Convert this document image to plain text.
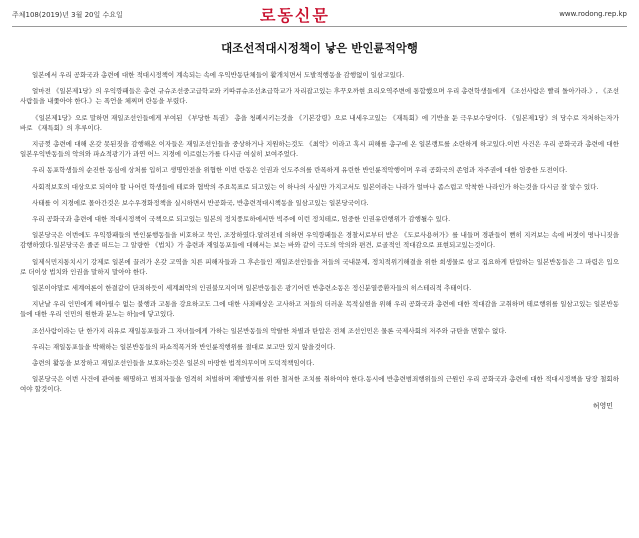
주체108(2019)년 3월 20일 수요일	로동신문	www.rodong.rep.kp
대조선적대시정책이 낳은 반인륜적악행

일본에서 우리 공화국과 총련에 대한 적대시정책이 계속되는 속에 우익반동단체들이 활개치면서 도발적행동을 감행없이 일삼고있다.

얼마전 《일본제1당》의 우익깡패들은 총련 규슈조선중고급학교와 키따큐슈조선초급학교가 자리잡고있는 후꾸오까현 요리오역주변에 통합했으며 우리 총련학생들에게 《조선사람은 빨리 돌아가라.》, 《조선사람들을 내쫓아야 한다.》는 폭언을 체찌며 란동을 부렸다.

《일본제1당》으로 말하면 재일조선인들에게 부여된 《부당한 특권》 총을 청폐시키는것을 《기본강령》으로 내세우고있는 《재특회》에 기반을 둔 극우보수당이다. 《일본제1당》의 당수로 자처하는자가 바로 《재특회》의 후루이다.

지금껏 총련에 대해 온갖 못된짓을 감행해온 이자들은 재일조선인들을 중상하거나 지원하는것도 《최악》이라고 혹시 피해를 총구에 온 일본랭트를 소란하게 하고있다.이번 사건은 우리 공화국과 총련에 대한 일본우익반동들의 악의와 파쇼적광기가 과연 어느 지경에 이르렀는가를 다시금 여실히 보여주었다.

우리 동포학생들의 순진한 동심에 상처를 입히고 생명안전을 위협한 이번 란동은 인권과 인도주의를 란폭하게 유린한 반인륜적악행이며 우리 공화국의 존엄과 자주권에 대한 엄중한 도전이다.

사회적보호의 대상으로 되여야 할 나어린 학생들에 테로와 협박의 주요목표로 되고있는 이 하나의 사실만 가지고서도 일본이라는 나라가 얼마나 좀스럽고 악착한 나라인가 하는것을 다시금 잘 알수 있다.

사태를 이 지경에로 몰아간것은 보수우경화정책을 실시하면서 반공화국, 반총련적대시책동을 일삼고있는 일본당국이다.

우리 공화국과 총련에 대한 적대시정책이 국책으로 되고있는 일본의 정치풍토하에서만 빅주에 이런 정치테로, 엄중한 인권유린행위가 감행될수 있다.

일본당국은 이번에도 우익깡패들의 반인륜행동들을 비호하고 묵인, 조장하였다.알려진데 의하면 우익깡패들은 경찰서로부터 받은 《도로사용허가》를 내들며 경관들이 뻔히 지켜보는 속에 버젓이 떵나니짓을 감행하였다.일본당국은 줄곧 떠드는 그 알량한 《법치》가 총련과 재일동포들에 대해서는 보는 바와 같이 극도의 악의와 편견, 로골적인 적대감으로 표현되고있는것이다.

일제식민지통치시기 강제로 일본에 끌려가 온갖 고역을 치른 피해자들과 그 후손들인 재일조선인들을 저들의 국내문제, 정치적위기해결을 위한 희생물로 삼고 집요하게 탄압하는 일본반동들은 그 파렴은 입으로 더이상 법치와 인권을 말하지 말아야 한다.

일본이야말로 세계여론이 한결같이 단죄하듯이 세계최악의 인권불모지이며 일본반동들은 광기어린 반총련소동은 정신분열증환자들의 히스테리적 추태이다.

지난날 우리 인민에게 헤아릴수 없는 불행과 고통을 강요하고도 그에 대한 사죄배상은 고사하고 저들의 더러운 목적실현을 위해 우리 공화국과 총련에 대한 적대감을 고취하며 테로행위를 일삼고있는 일본반동들에 대한 우리 인민의 원한과 분노는 하늘에 닿고있다.

조선사람이라는 단 한가지 리유로 재일동포들과 그 자녀들에게 가하는 일본반동들의 악랄한 차별과 탄압은 전체 조선인민은 물론 국제사회의 저주와 규탄을 면할수 없다.

우리는 재일동포들을 박해하는 일본반동들의 파쇼적폭거와 반인륜적행위를 절대로 보고만 있지 않을것이다.

총련의 활동을 보장하고 재일조선인들을 보호하는것은 일본의 마땅한 법적의무이며 도덕적책임이다.

일본당국은 이번 사건에 관여를 해명하고 범죄자들을 엄격히 처벌하며 재발방지를 위한 철저한 조치를 취하여야 한다.동시에 반총련범죄행위들의 근원인 우리 공화국과 총련에 대한 적대시정책을 당장 철회하여야 할것이다.

허영민
